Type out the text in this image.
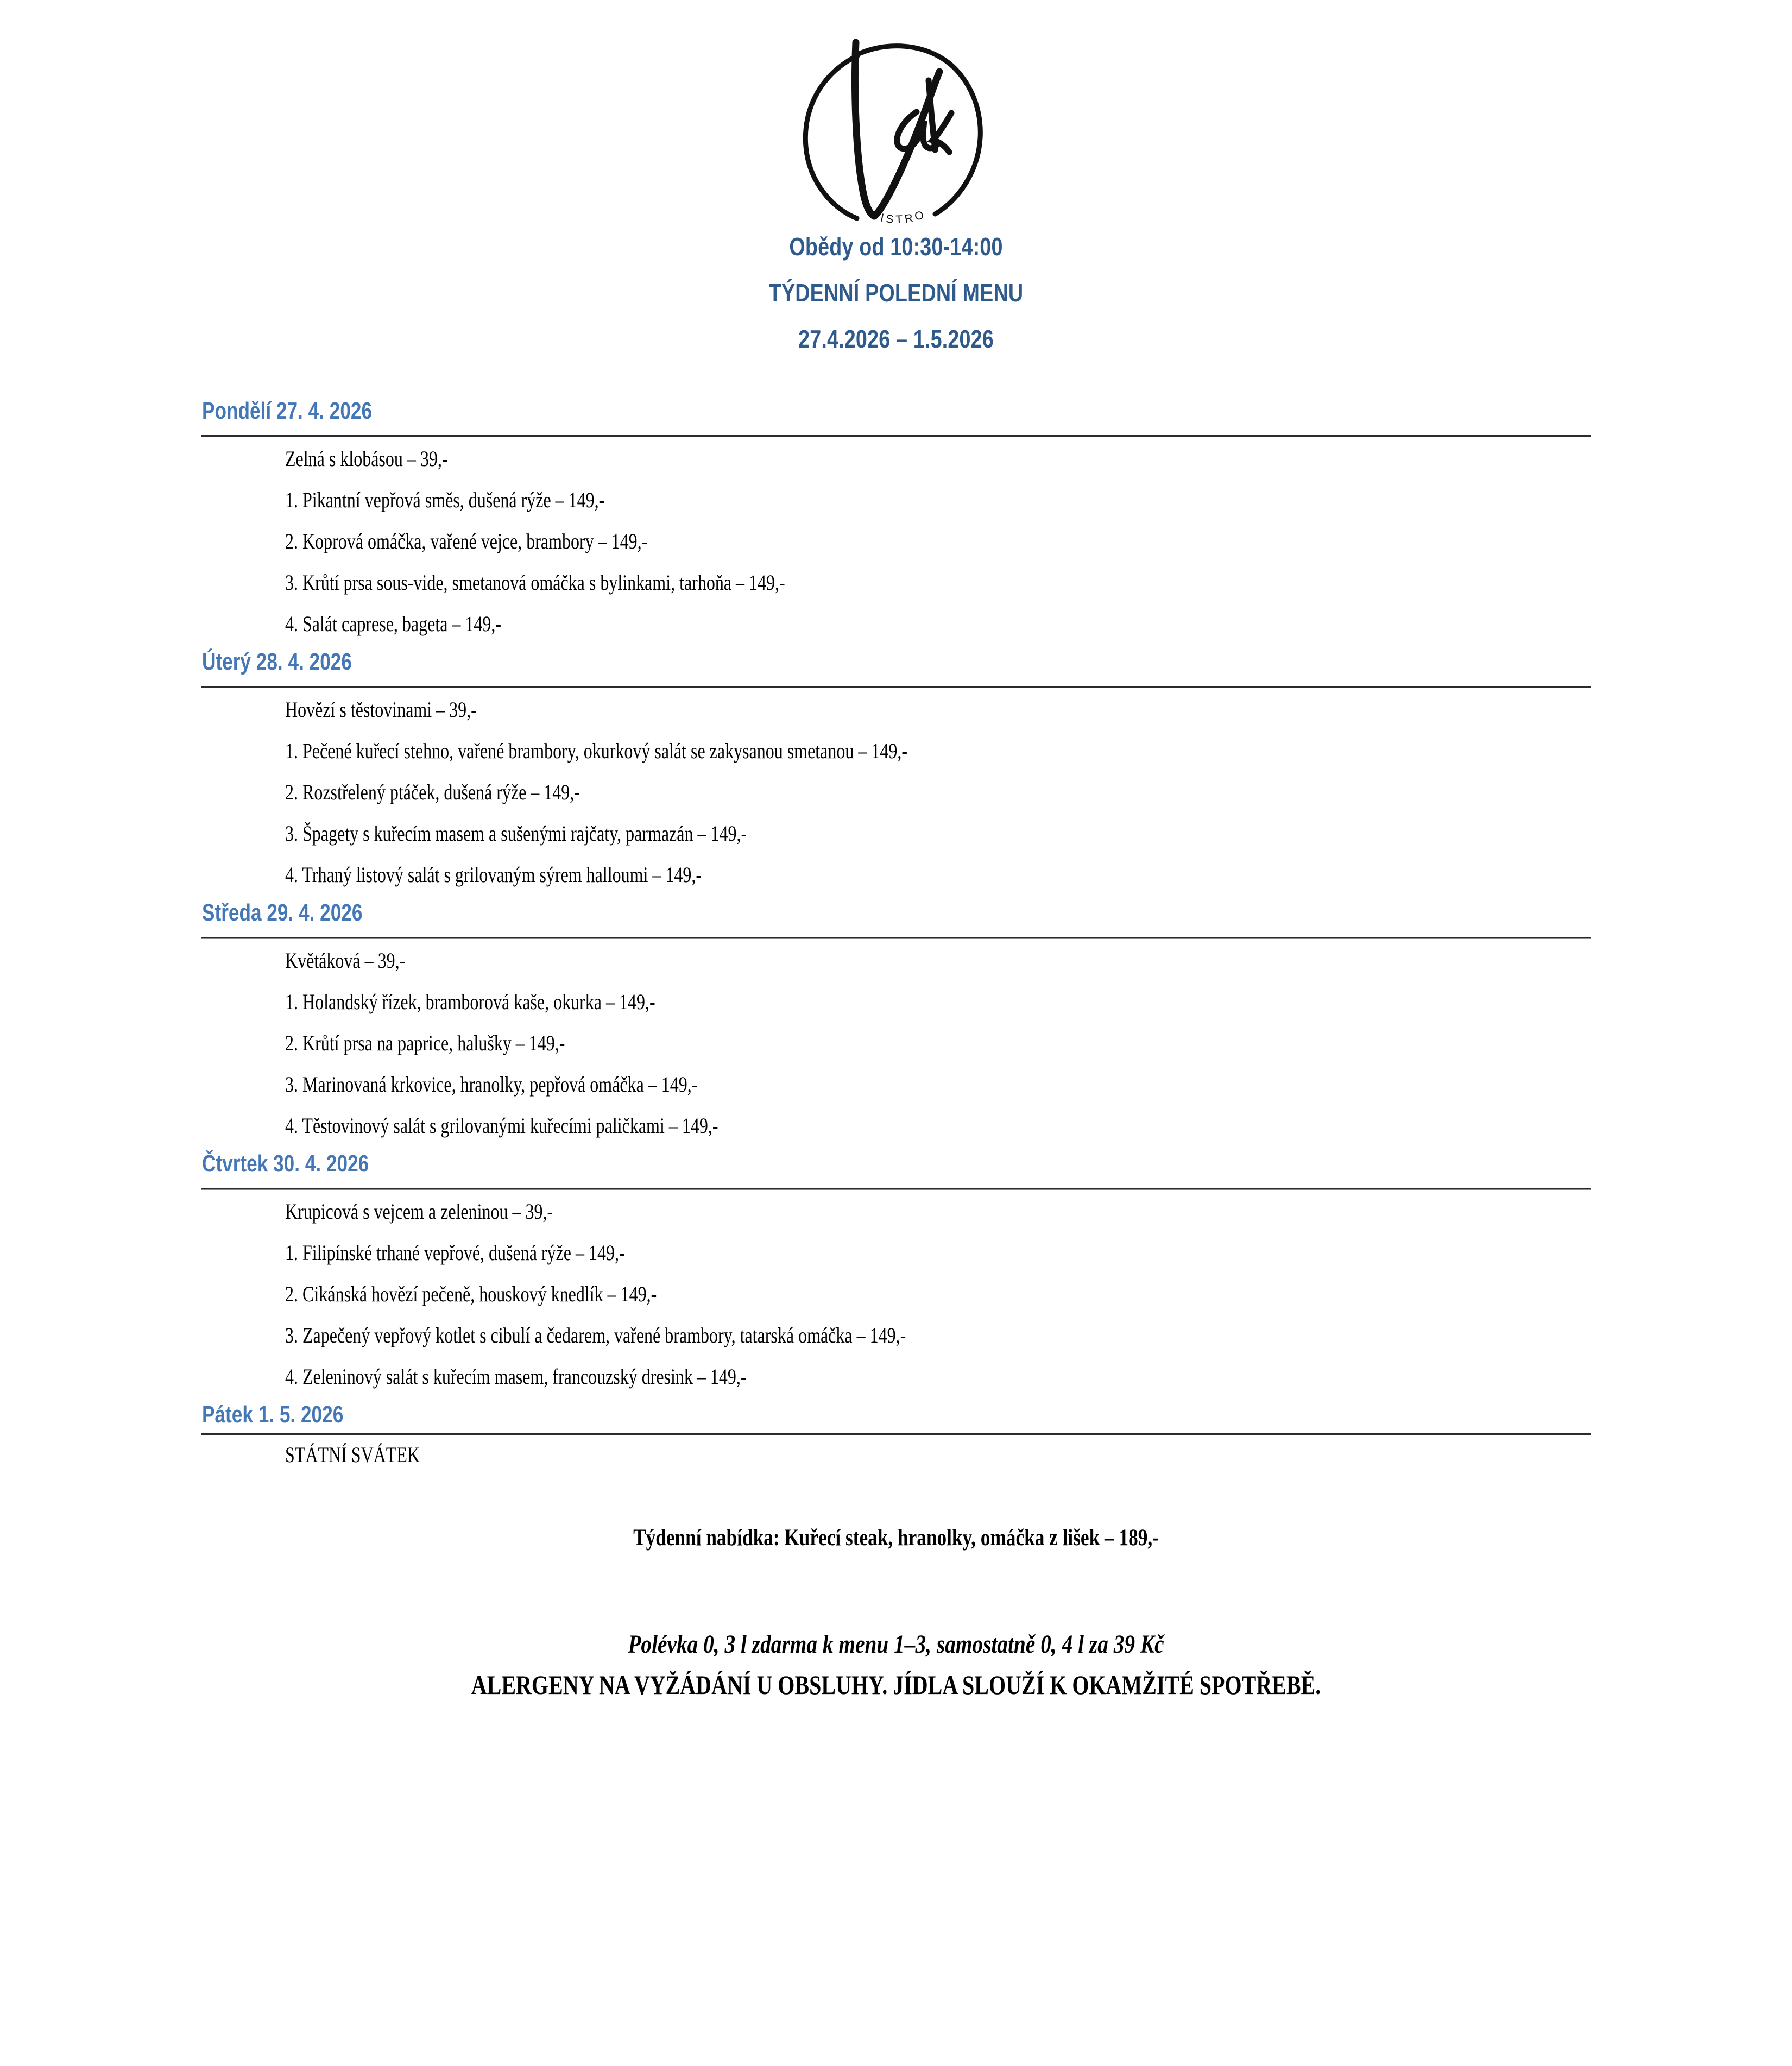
BISTRO
Obědy od 10:30-14:00
TÝDENNÍ POLEDNÍ MENU
27.4.2026 – 1.5.2026
Pondělí 27. 4. 2026
Zelná s klobásou – 39,-
1. Pikantní vepřová směs, dušená rýže – 149,-
2. Koprová omáčka, vařené vejce, brambory – 149,-
3. Krůtí prsa sous-vide, smetanová omáčka s bylinkami, tarhoňa – 149,-
4. Salát caprese, bageta – 149,-
Úterý 28. 4. 2026
Hovězí s těstovinami – 39,-
1. Pečené kuřecí stehno, vařené brambory, okurkový salát se zakysanou smetanou – 149,-
2. Rozstřelený ptáček, dušená rýže – 149,-
3. Špagety s kuřecím masem a sušenými rajčaty, parmazán – 149,-
4. Trhaný listový salát s grilovaným sýrem halloumi – 149,-
Středa 29. 4. 2026
Květáková – 39,-
1. Holandský řízek, bramborová kaše, okurka – 149,-
2. Krůtí prsa na paprice, halušky – 149,-
3. Marinovaná krkovice, hranolky, pepřová omáčka – 149,-
4. Těstovinový salát s grilovanými kuřecími paličkami – 149,-
Čtvrtek 30. 4. 2026
Krupicová s vejcem a zeleninou – 39,-
1. Filipínské trhané vepřové, dušená rýže – 149,-
2. Cikánská hovězí pečeně, houskový knedlík – 149,-
3. Zapečený vepřový kotlet s cibulí a čedarem, vařené brambory, tatarská omáčka – 149,-
4. Zeleninový salát s kuřecím masem, francouzský dresink – 149,-
Pátek 1. 5. 2026
STÁTNÍ SVÁTEK
Týdenní nabídka: Kuřecí steak, hranolky, omáčka z lišek – 189,-
Polévka 0, 3 l zdarma k menu 1–3, samostatně 0, 4 l za 39 Kč
ALERGENY NA VYŽÁDÁNÍ U OBSLUHY. JÍDLA SLOUŽÍ K OKAMŽITÉ SPOTŘEBĚ.
